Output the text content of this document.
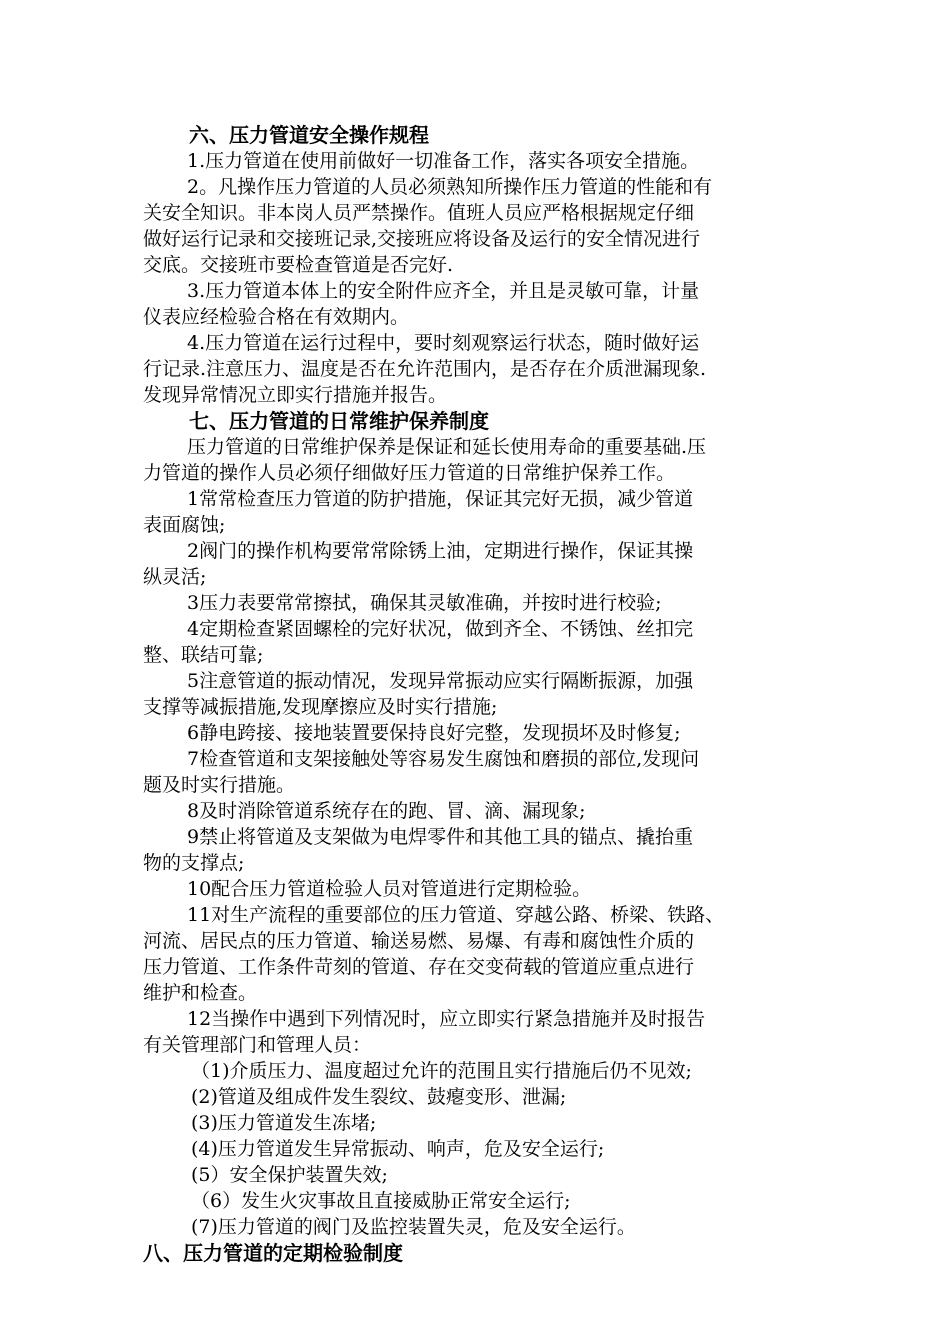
六、压力管道安全操作规程

1.压力管道在使用前做好一切准备工作，落实各项安全措施。

2。凡操作压力管道的人员必须熟知所操作压力管道的性能和有

关安全知识。非本岗人员严禁操作。值班人员应严格根据规定仔细

做好运行记录和交接班记录,交接班应将设备及运行的安全情况进行

交底。交接班市要检查管道是否完好.

3.压力管道本体上的安全附件应齐全，并且是灵敏可靠，计量

仪表应经检验合格在有效期内。

4.压力管道在运行过程中，要时刻观察运行状态，随时做好运

行记录.注意压力、温度是否在允许范围内，是否存在介质泄漏现象.

发现异常情况立即实行措施并报告。

七、压力管道的日常维护保养制度

压力管道的日常维护保养是保证和延长使用寿命的重要基础.压

力管道的操作人员必须仔细做好压力管道的日常维护保养工作。

1常常检查压力管道的防护措施，保证其完好无损，减少管道

表面腐蚀;

2阀门的操作机构要常常除锈上油，定期进行操作，保证其操

纵灵活;

3压力表要常常擦拭，确保其灵敏准确，并按时进行校验;

4定期检查紧固螺栓的完好状况，做到齐全、不锈蚀、丝扣完

整、联结可靠;

5注意管道的振动情况，发现异常振动应实行隔断振源，加强

支撑等减振措施,发现摩擦应及时实行措施;

6静电跨接、接地装置要保持良好完整，发现损坏及时修复;

7检查管道和支架接触处等容易发生腐蚀和磨损的部位,发现问

题及时实行措施。

8及时消除管道系统存在的跑、冒、滴、漏现象;

9禁止将管道及支架做为电焊零件和其他工具的锚点、撬抬重

物的支撑点;

10配合压力管道检验人员对管道进行定期检验。

11对生产流程的重要部位的压力管道、穿越公路、桥梁、铁路、

河流、居民点的压力管道、输送易燃、易爆、有毒和腐蚀性介质的

压力管道、工作条件苛刻的管道、存在交变荷载的管道应重点进行

维护和检查。

12当操作中遇到下列情况时，应立即实行紧急措施并及时报告

有关管理部门和管理人员：

（1)介质压力、温度超过允许的范围且实行措施后仍不见效;

(2)管道及组成件发生裂纹、鼓瘪变形、泄漏;

(3)压力管道发生冻堵;

(4)压力管道发生异常振动、响声，危及安全运行;

(5）安全保护装置失效;

（6）发生火灾事故且直接威胁正常安全运行;

(7)压力管道的阀门及监控装置失灵，危及安全运行。

八、压力管道的定期检验制度
